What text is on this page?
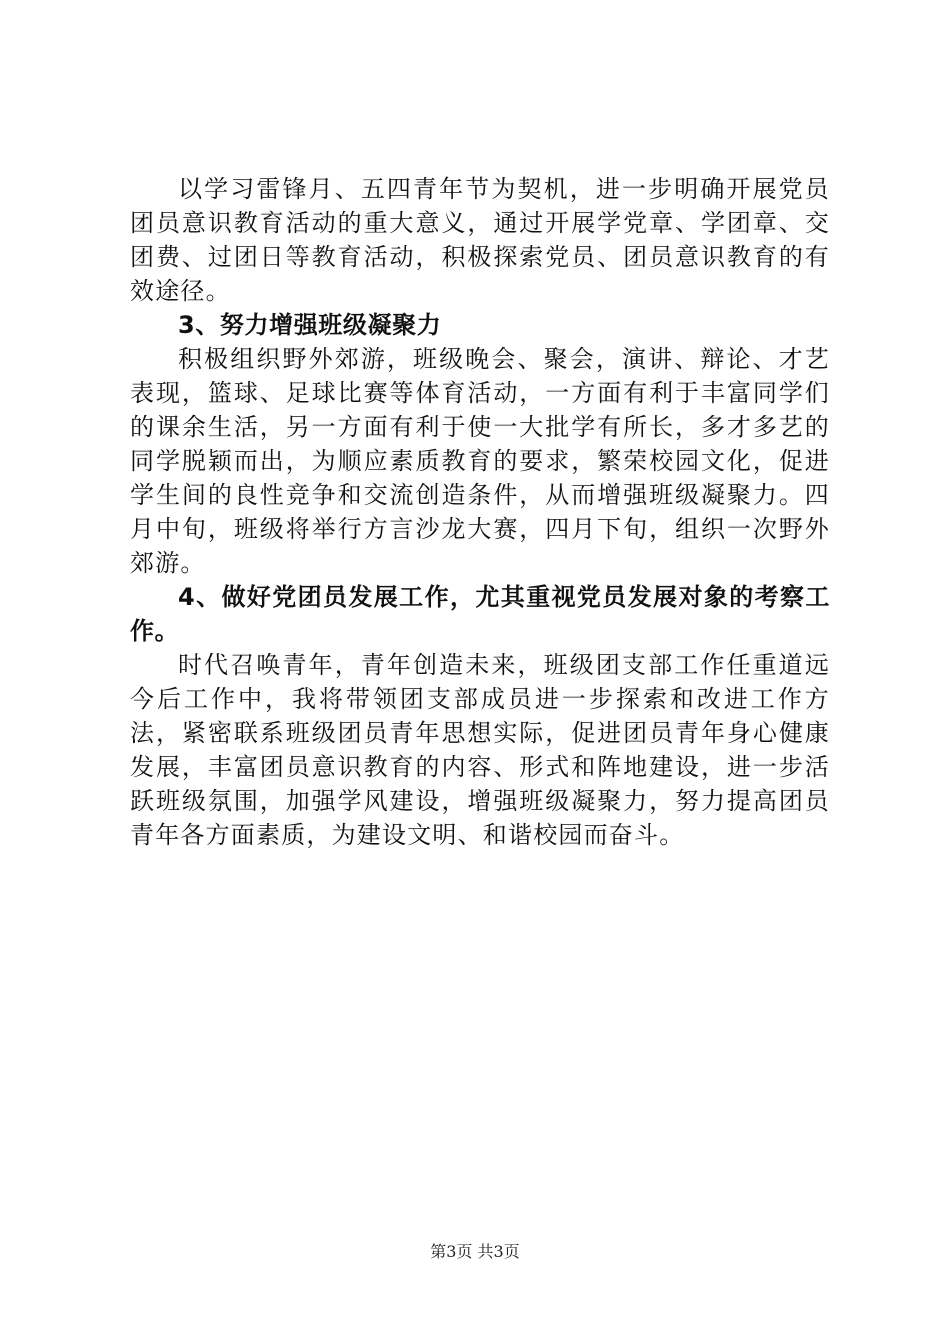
以学习雷锋月、五四青年节为契机，进一步明确开展党员团员意识教育活动的重大意义，通过开展学党章、学团章、交团费、过团日等教育活动，积极探索党员、团员意识教育的有效途径。

3、努力增强班级凝聚力

积极组织野外郊游，班级晚会、聚会，演讲、辩论、才艺表现，篮球、足球比赛等体育活动，一方面有利于丰富同学们的课余生活，另一方面有利于使一大批学有所长，多才多艺的同学脱颖而出，为顺应素质教育的要求，繁荣校园文化，促进学生间的良性竞争和交流创造条件，从而增强班级凝聚力。四月中旬，班级将举行方言沙龙大赛，四月下旬，组织一次野外郊游。

4、做好党团员发展工作，尤其重视党员发展对象的考察工作。

时代召唤青年，青年创造未来，班级团支部工作任重道远今后工作中，我将带领团支部成员进一步探索和改进工作方法，紧密联系班级团员青年思想实际，促进团员青年身心健康发展，丰富团员意识教育的内容、形式和阵地建设，进一步活跃班级氛围，加强学风建设，增强班级凝聚力，努力提高团员青年各方面素质，为建设文明、和谐校园而奋斗。

第3页 共3页
